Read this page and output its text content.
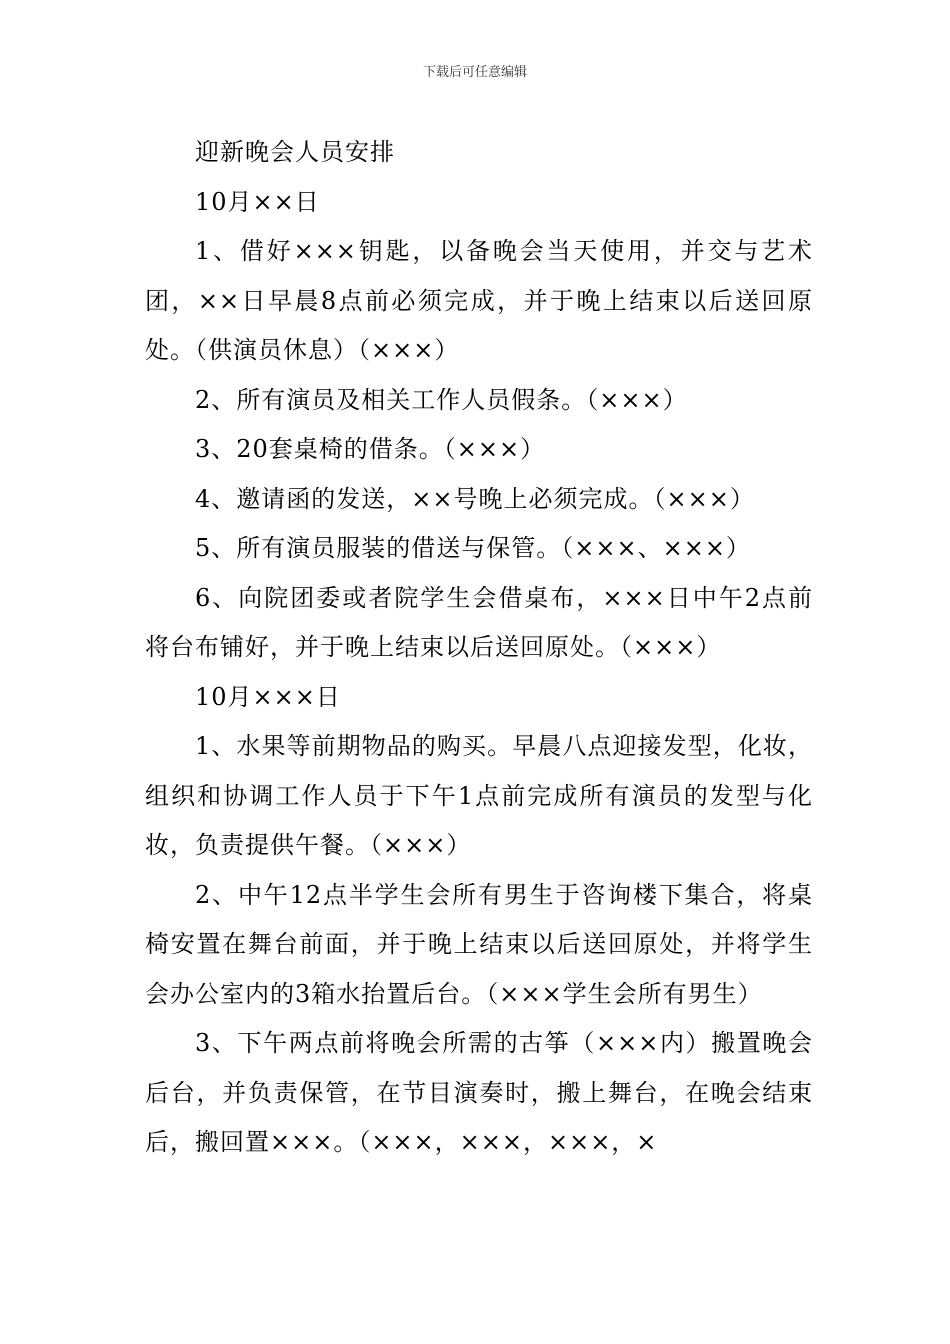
下载后可任意编辑

迎新晚会人员安排

10月××日

1、借好×××钥匙，以备晚会当天使用，并交与艺术团，××日早晨8点前必须完成，并于晚上结束以后送回原处。（供演员休息）（×××）

2、所有演员及相关工作人员假条。（×××）

3、20套桌椅的借条。（×××）

4、邀请函的发送，××号晚上必须完成。（×××）

5、所有演员服装的借送与保管。（×××、×××）

6、向院团委或者院学生会借桌布，×××日中午2点前将台布铺好，并于晚上结束以后送回原处。（×××）

10月×××日

1、水果等前期物品的购买。早晨八点迎接发型，化妆，组织和协调工作人员于下午1点前完成所有演员的发型与化妆，负责提供午餐。（×××）

2、中午12点半学生会所有男生于咨询楼下集合，将桌椅安置在舞台前面，并于晚上结束以后送回原处，并将学生会办公室内的3箱水抬置后台。（×××学生会所有男生）

3、下午两点前将晚会所需的古筝（×××内）搬置晚会后台，并负责保管，在节目演奏时，搬上舞台，在晚会结束后，搬回置×××。（×××，×××，×××，×
